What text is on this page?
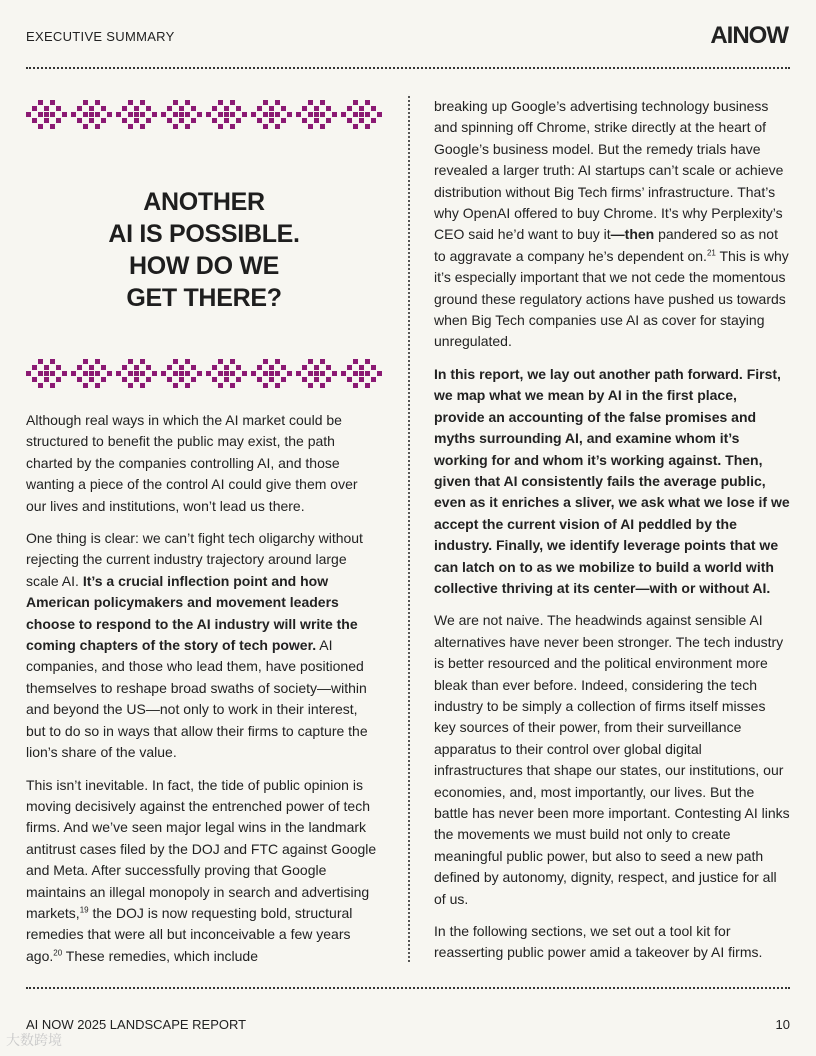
EXECUTIVE SUMMARY	AINOW
ANOTHER
AI IS POSSIBLE.
HOW DO WE
GET THERE?

Although real ways in which the AI market could be structured to benefit the public may exist, the path charted by the companies controlling AI, and those wanting a piece of the control AI could give them over our lives and institutions, won’t lead us there.

One thing is clear: we can’t fight tech oligarchy without rejecting the current industry trajectory around large scale AI. It’s a crucial inflection point and how American policymakers and movement leaders choose to respond to the AI industry will write the coming chapters of the story of tech power. AI companies, and those who lead them, have positioned themselves to reshape broad swaths of society—within and beyond the US—not only to work in their interest, but to do so in ways that allow their firms to capture the lion’s share of the value.

This isn’t inevitable. In fact, the tide of public opinion is moving decisively against the entrenched power of tech firms. And we’ve seen major legal wins in the landmark antitrust cases filed by the DOJ and FTC against Google and Meta. After successfully proving that Google maintains an illegal monopoly in search and advertising markets,$^{19}$ the DOJ is now requesting bold, structural remedies that were all but inconceivable a few years ago.$^{20}$ These remedies, which include

breaking up Google’s advertising technology business and spinning off Chrome, strike directly at the heart of Google’s business model. But the remedy trials have revealed a larger truth: AI startups can’t scale or achieve distribution without Big Tech firms’ infrastructure. That’s why OpenAI offered to buy Chrome. It’s why Perplexity’s CEO said he’d want to buy it—then pandered so as not to aggravate a company he’s dependent on.$^{21}$ This is why it’s especially important that we not cede the momentous ground these regulatory actions have pushed us towards when Big Tech companies use AI as cover for staying unregulated.

In this report, we lay out another path forward. First, we map what we mean by AI in the first place, provide an accounting of the false promises and myths surrounding AI, and examine whom it’s working for and whom it’s working against. Then, given that AI consistently fails the average public, even as it enriches a sliver, we ask what we lose if we accept the current vision of AI peddled by the industry. Finally, we identify leverage points that we can latch on to as we mobilize to build a world with collective thriving at its center—with or without AI.

We are not naive. The headwinds against sensible AI alternatives have never been stronger. The tech industry is better resourced and the political environment more bleak than ever before. Indeed, considering the tech industry to be simply a collection of firms itself misses key sources of their power, from their surveillance apparatus to their control over global digital infrastructures that shape our states, our institutions, our economies, and, most importantly, our lives. But the battle has never been more important. Contesting AI links the movements we must build not only to create meaningful public power, but also to seed a new path defined by autonomy, dignity, respect, and justice for all of us.

In the following sections, we set out a tool kit for reasserting public power amid a takeover by AI firms.

AI NOW 2025 LANDSCAPE REPORT	10
大数跨境
